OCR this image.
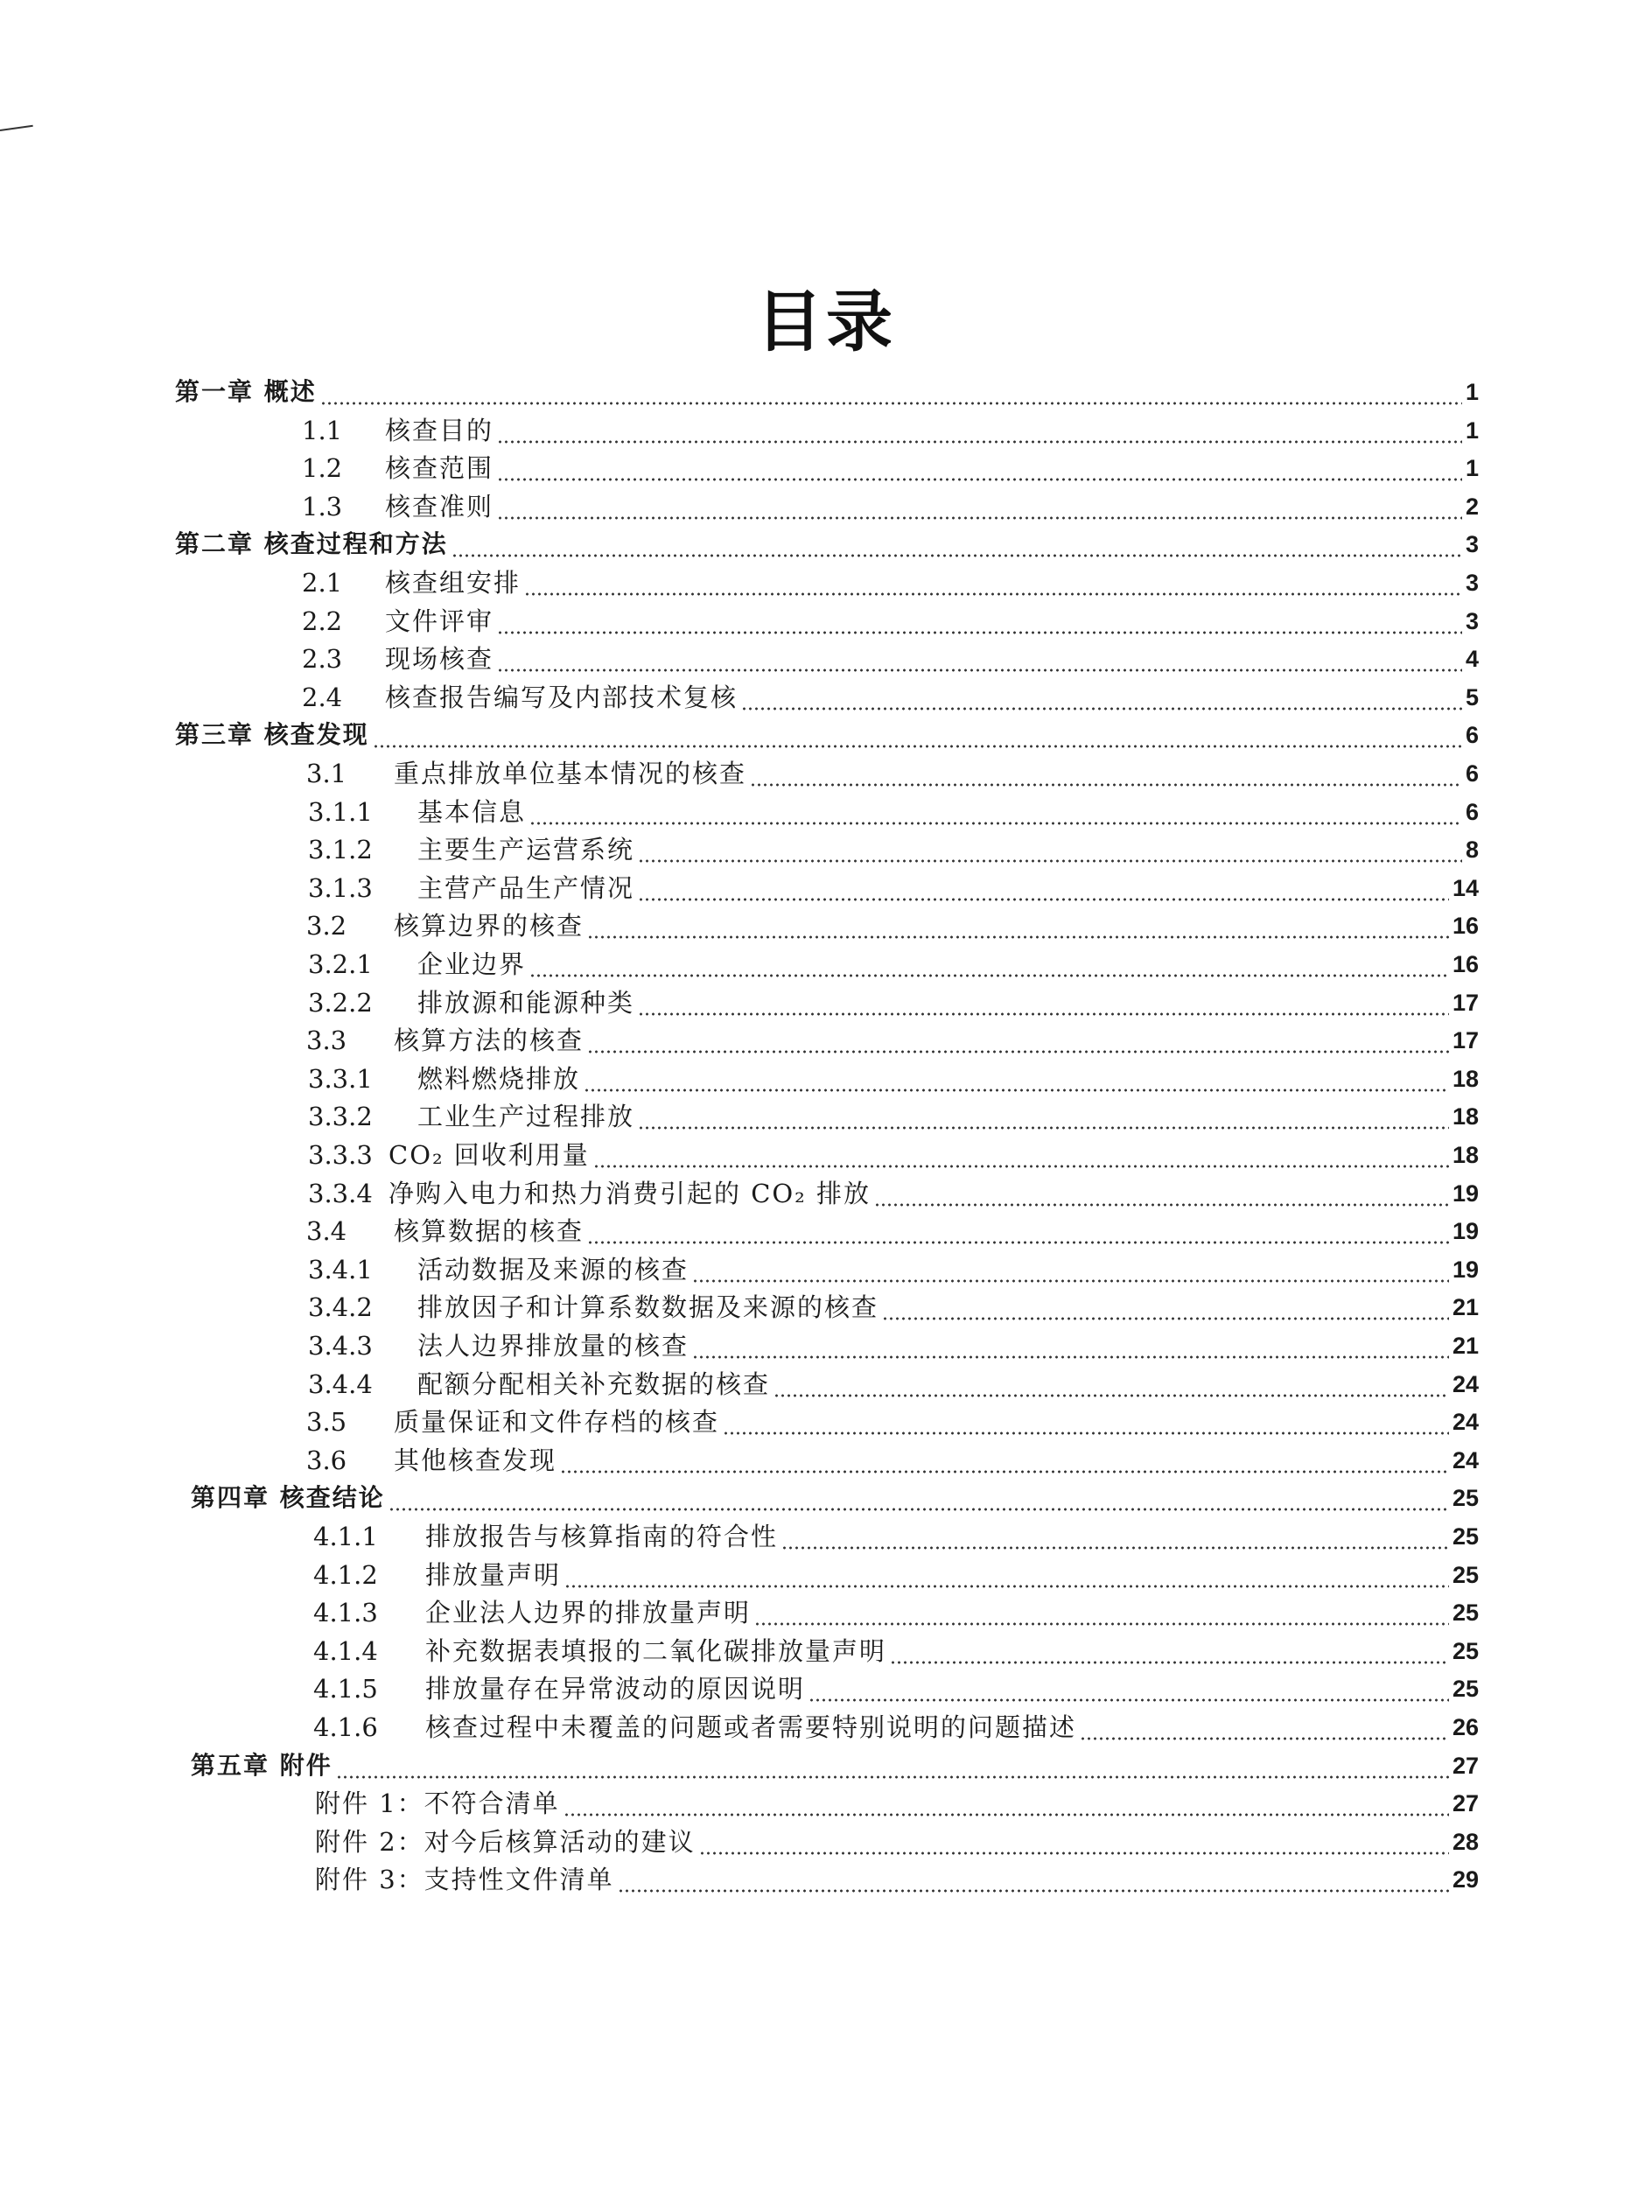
目录
第一章 概述	1
1.1	核查目的	1
1.2	核查范围	1
1.3	核查准则	2
第二章 核查过程和方法	3
2.1	核查组安排	3
2.2	文件评审	3
2.3	现场核查	4
2.4	核查报告编写及内部技术复核	5
第三章 核查发现	6
3.1	重点排放单位基本情况的核查	6
3.1.1	基本信息	6
3.1.2	主要生产运营系统	8
3.1.3	主营产品生产情况	14
3.2	核算边界的核查	16
3.2.1	企业边界	16
3.2.2	排放源和能源种类	17
3.3	核算方法的核查	17
3.3.1	燃料燃烧排放	18
3.3.2	工业生产过程排放	18
3.3.3 CO₂ 回收利用量	18
3.3.4 净购入电力和热力消费引起的 CO₂ 排放	19
3.4	核算数据的核查	19
3.4.1	活动数据及来源的核查	19
3.4.2	排放因子和计算系数数据及来源的核查	21
3.4.3	法人边界排放量的核查	21
3.4.4	配额分配相关补充数据的核查	24
3.5	质量保证和文件存档的核查	24
3.6	其他核查发现	24
第四章 核查结论	25
4.1.1	排放报告与核算指南的符合性	25
4.1.2	排放量声明	25
4.1.3	企业法人边界的排放量声明	25
4.1.4	补充数据表填报的二氧化碳排放量声明	25
4.1.5	排放量存在异常波动的原因说明	25
4.1.6	核查过程中未覆盖的问题或者需要特别说明的问题描述	26
第五章 附件	27
附件 1：不符合清单	27
附件 2：对今后核算活动的建议	28
附件 3：支持性文件清单	29
